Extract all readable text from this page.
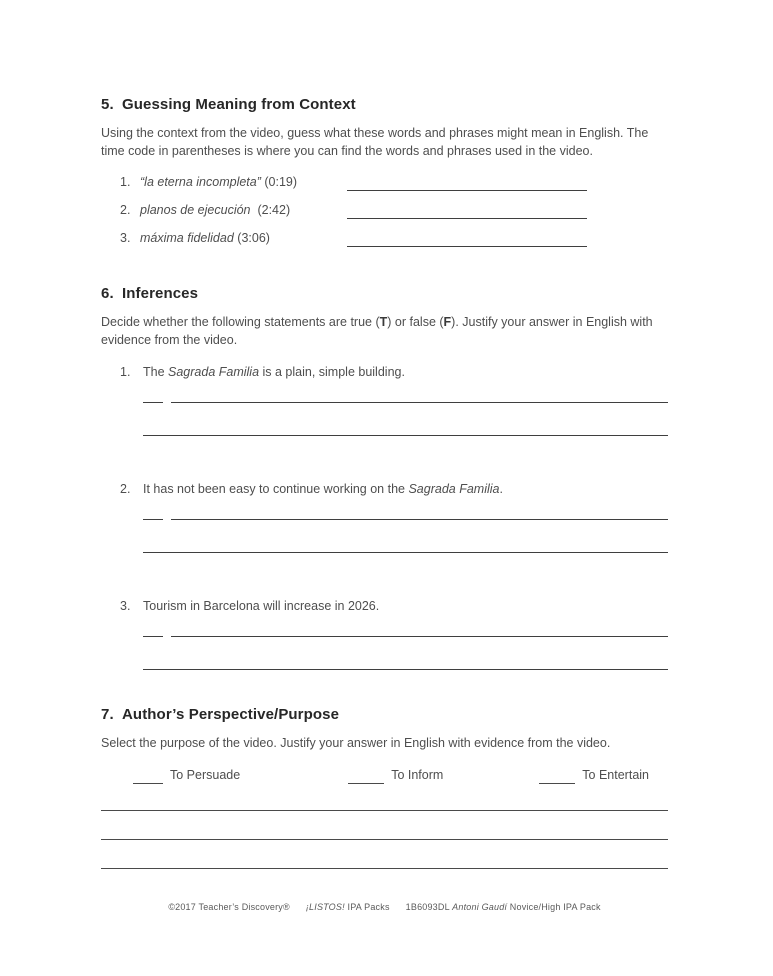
5. Guessing Meaning from Context

Using the context from the video, guess what these words and phrases might mean in English. The time code in parentheses is where you can find the words and phrases used in the video.

1. “la eterna incompleta” (0:19)
2. planos de ejecución (2:42)
3. máxima fidelidad (3:06)
6. Inferences

Decide whether the following statements are true (T) or false (F). Justify your answer in English with evidence from the video.

1.	The Sagrada Familia is a plain, simple building.
2.	It has not been easy to continue working on the Sagrada Familia.
3.	Tourism in Barcelona will increase in 2026.
7. Author’s Perspective/Purpose

Select the purpose of the video. Justify your answer in English with evidence from the video.

To Persuade	To Inform	To Entertain
©2017 Teacher’s Discovery® ¡LISTOS! IPA Packs 1B6093DL Antoni Gaudí Novice/High IPA Pack
